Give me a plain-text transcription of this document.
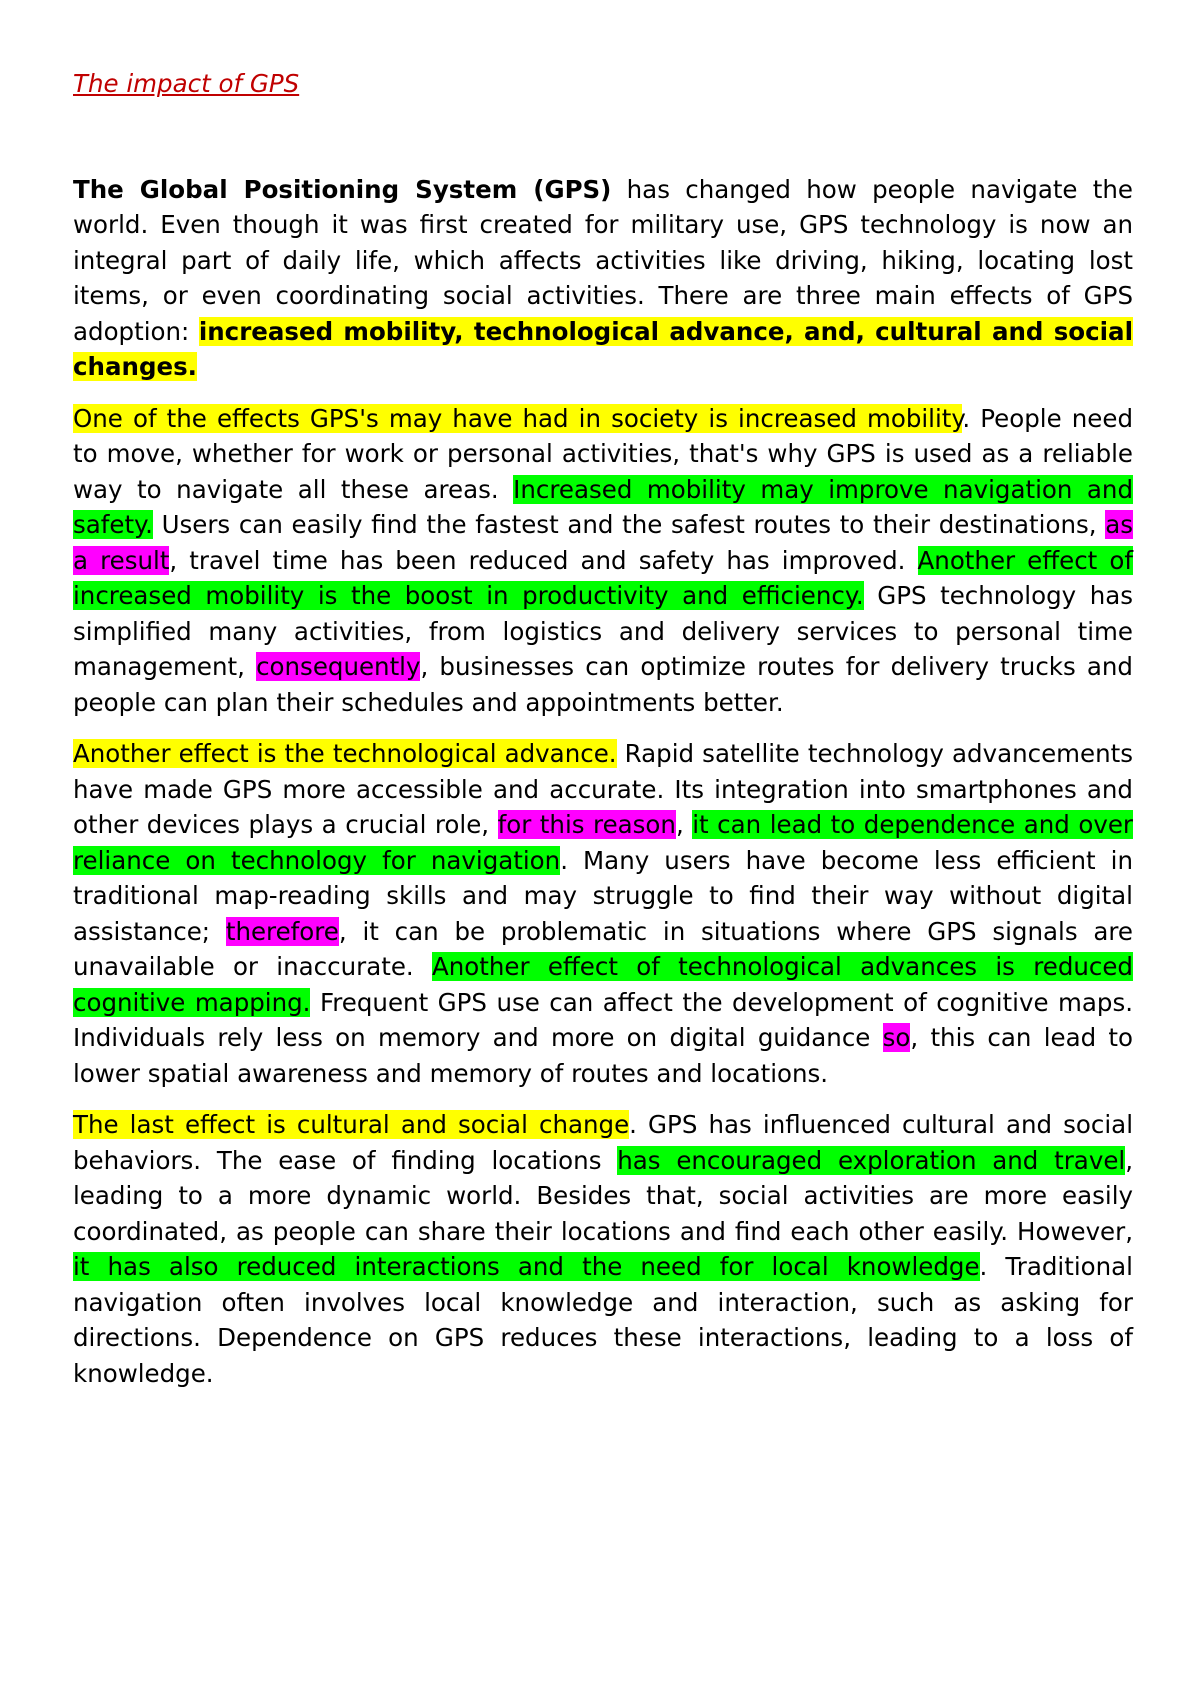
The impact of GPS

The Global Positioning System (GPS) has changed how people navigate the world. Even though it was first created for military use, GPS technology is now an integral part of daily life, which affects activities like driving, hiking, locating lost items, or even coordinating social activities. There are three main effects of GPS adoption: increased mobility, technological advance, and, cultural and social changes.

One of the effects GPS's may have had in society is increased mobility. People need to move, whether for work or personal activities, that's why GPS is used as a reliable way to navigate all these areas. Increased mobility may improve navigation and safety. Users can easily find the fastest and the safest routes to their destinations, as a result, travel time has been reduced and safety has improved. Another effect of increased mobility is the boost in productivity and efficiency. GPS technology has simplified many activities, from logistics and delivery services to personal time management, consequently, businesses can optimize routes for delivery trucks and people can plan their schedules and appointments better.

Another effect is the technological advance. Rapid satellite technology advancements have made GPS more accessible and accurate. Its integration into smartphones and other devices plays a crucial role, for this reason, it can lead to dependence and over reliance on technology for navigation. Many users have become less efficient in traditional map-reading skills and may struggle to find their way without digital assistance; therefore, it can be problematic in situations where GPS signals are unavailable or inaccurate. Another effect of technological advances is reduced cognitive mapping. Frequent GPS use can affect the development of cognitive maps. Individuals rely less on memory and more on digital guidance so, this can lead to lower spatial awareness and memory of routes and locations.

The last effect is cultural and social change. GPS has influenced cultural and social behaviors. The ease of finding locations has encouraged exploration and travel, leading to a more dynamic world. Besides that, social activities are more easily coordinated, as people can share their locations and find each other easily. However, it has also reduced interactions and the need for local knowledge. Traditional navigation often involves local knowledge and interaction, such as asking for directions. Dependence on GPS reduces these interactions, leading to a loss of knowledge.
